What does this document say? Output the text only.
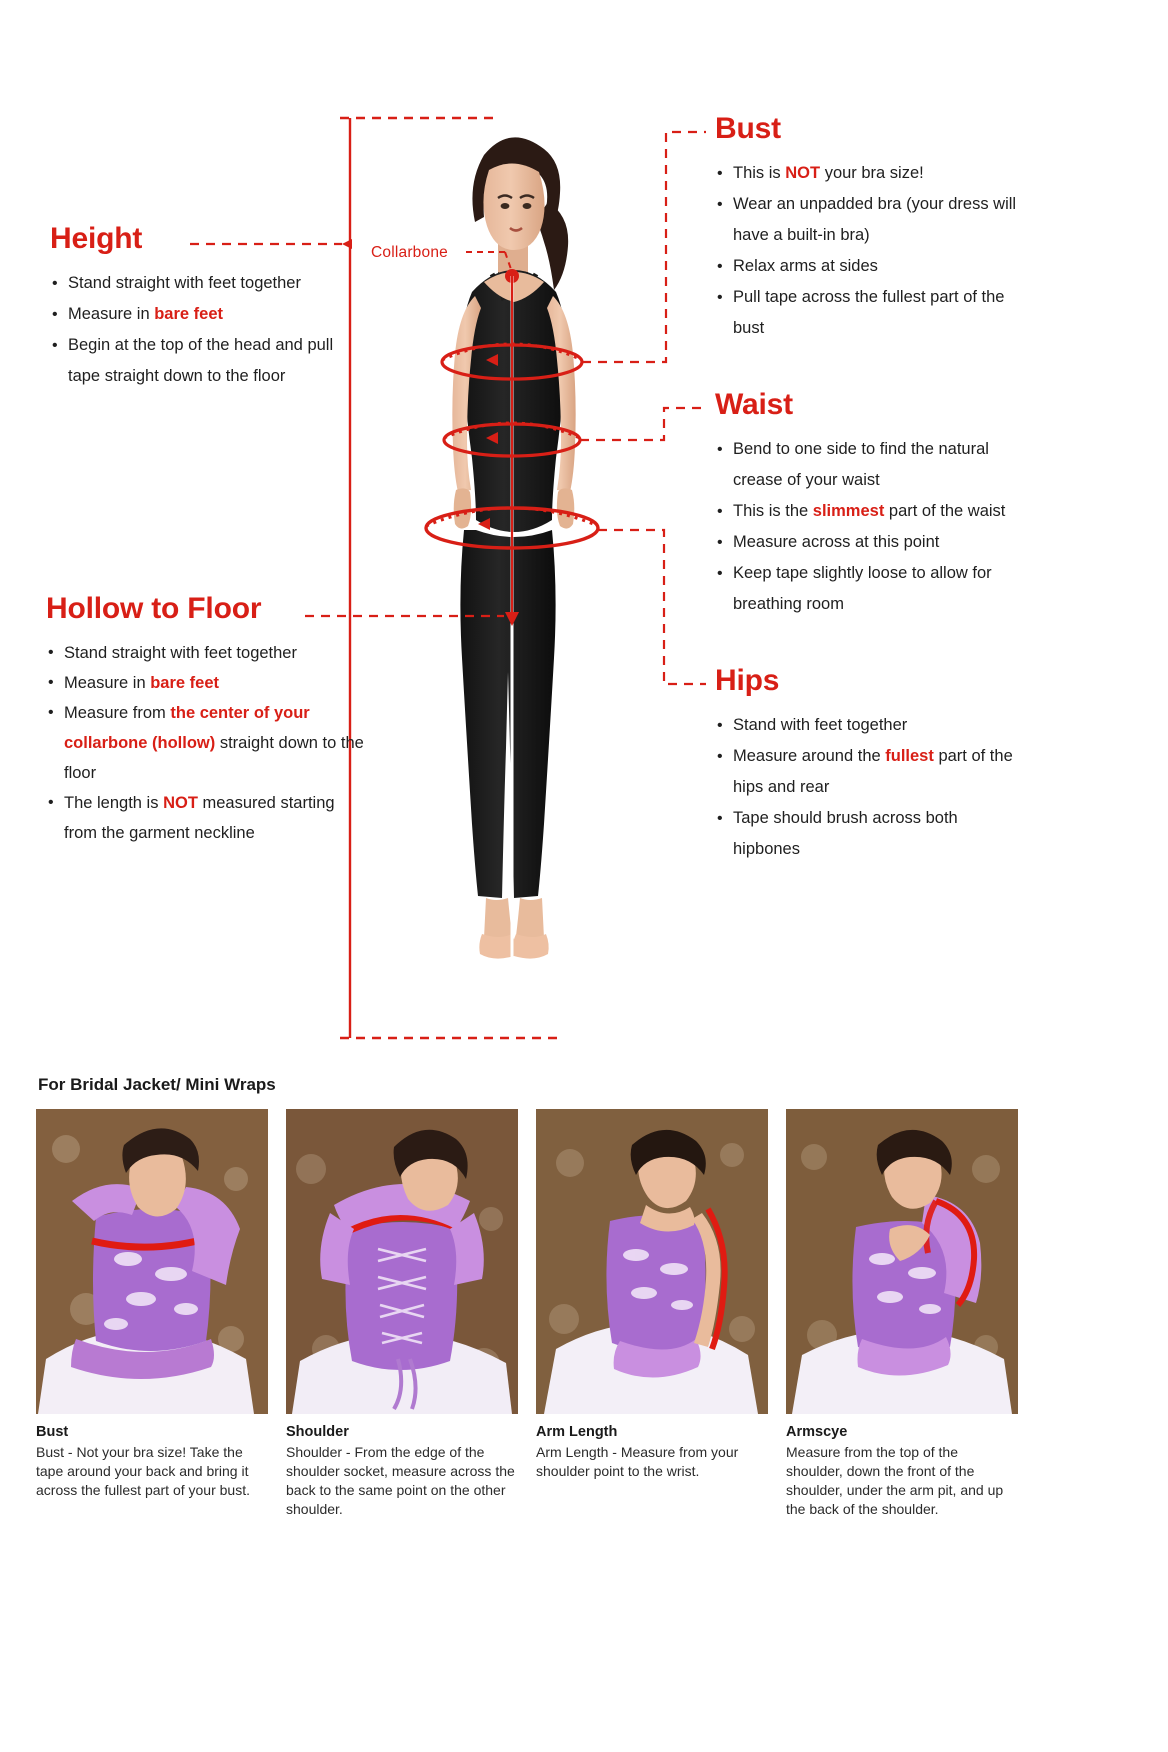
Collarbone
Height
• Stand straight with feet together
• Measure in bare feet
• Begin at the top of the head and pull tape straight down to the floor
Hollow to Floor
• Stand straight with feet together
• Measure in bare feet
• Measure from the center of your collarbone (hollow) straight down to the floor
• The length is NOT measured starting from the garment neckline
Bust
• This is NOT your bra size!
• Wear an unpadded bra (your dress will have a built-in bra)
• Relax arms at sides
• Pull tape across the fullest part of the bust
Waist
• Bend to one side to find the natural crease of your waist
• This is the slimmest part of the waist
• Measure across at this point
• Keep tape slightly loose to allow for breathing room
Hips
• Stand with feet together
• Measure around the fullest part of the hips and rear
• Tape should brush across both hipbones
For Bridal Jacket/ Mini Wraps
Bust

Bust - Not your bra size! Take the tape around your back and bring it across the fullest part of your bust.

Shoulder

Shoulder - From the edge of the shoulder socket, measure across the back to the same point on the other shoulder.

Arm Length

Arm Length - Measure from your shoulder point to the wrist.

Armscye

Measure from the top of the shoulder, down the front of the shoulder, under the arm pit, and up the back of the shoulder.
